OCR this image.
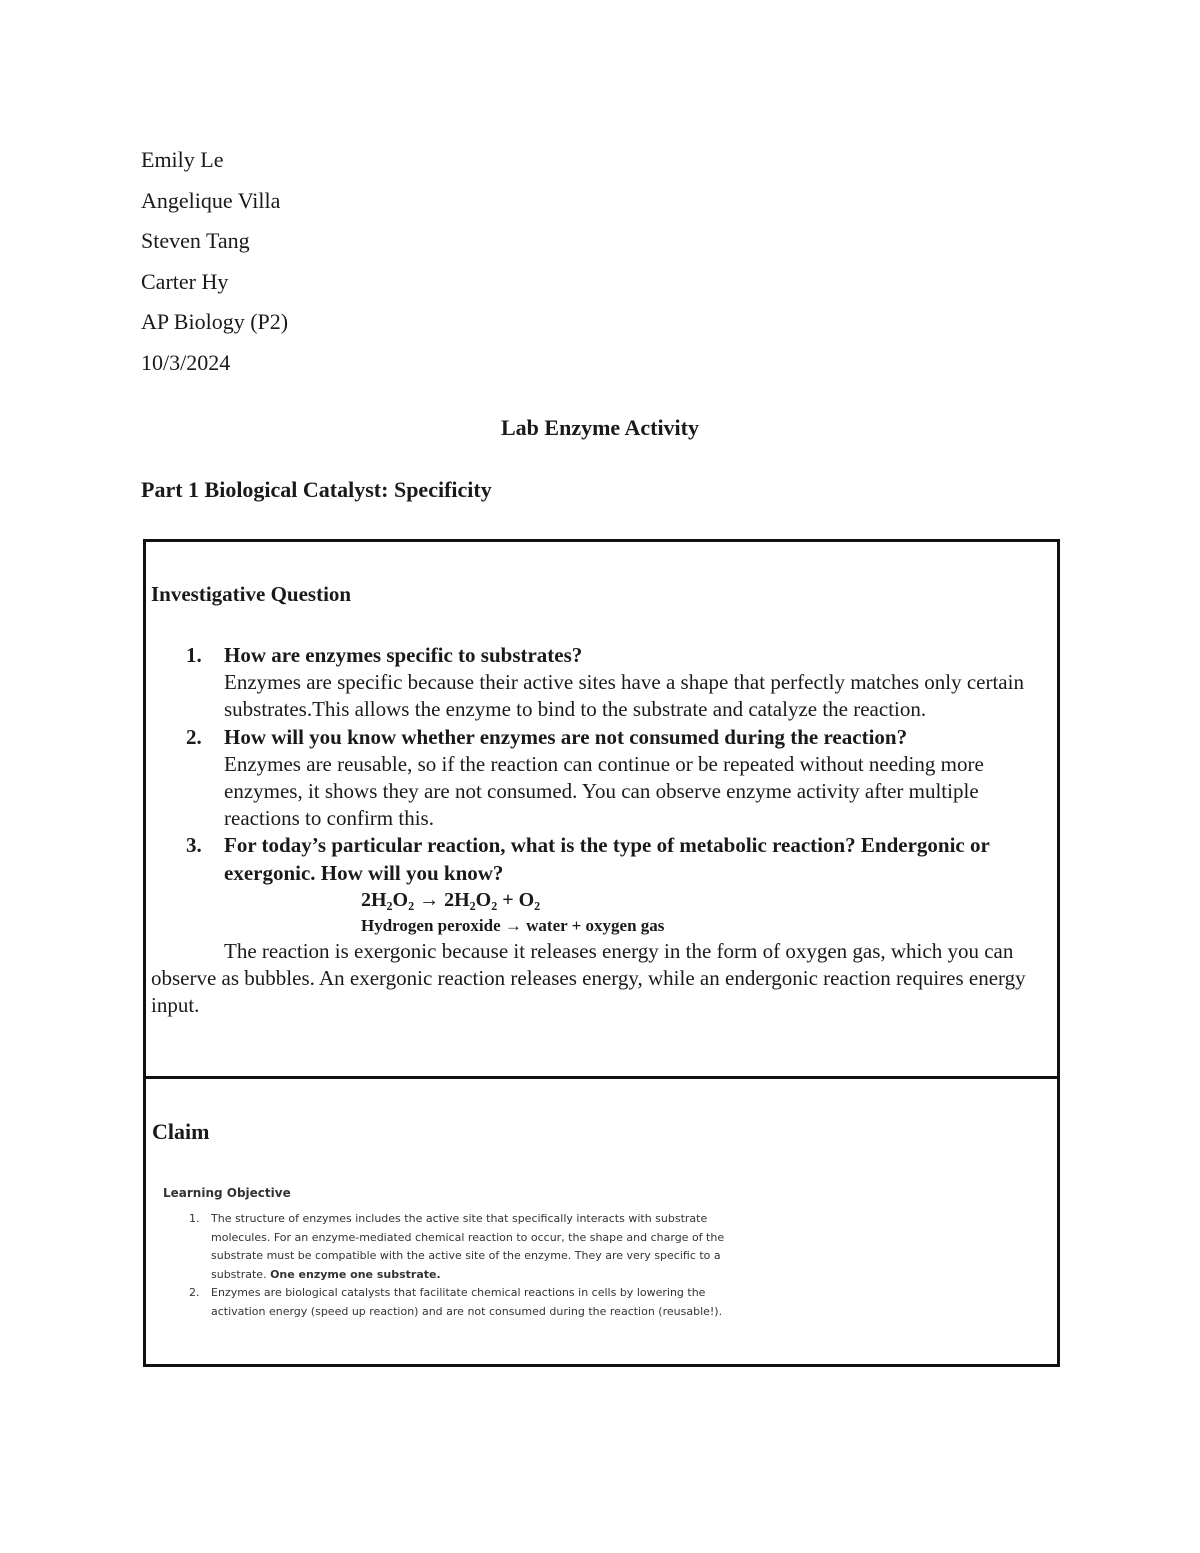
Emily Le
Angelique Villa
Steven Tang
Carter Hy
AP Biology (P2)
10/3/2024
Lab Enzyme Activity
Part 1 Biological Catalyst: Specificity
Investigative Question
1. How are enzymes specific to substrates?
Enzymes are specific because their active sites have a shape that perfectly matches only certain substrates.This allows the enzyme to bind to the substrate and catalyze the reaction.
2. How will you know whether enzymes are not consumed during the reaction?
Enzymes are reusable, so if the reaction can continue or be repeated without needing more enzymes, it shows they are not consumed. You can observe enzyme activity after multiple reactions to confirm this.
3. For today’s particular reaction, what is the type of metabolic reaction? Endergonic or exergonic. How will you know?
2H₂O₂ → 2H₂O₂ + O₂
Hydrogen peroxide → water + oxygen gas
The reaction is exergonic because it releases energy in the form of oxygen gas, which you can observe as bubbles. An exergonic reaction releases energy, while an endergonic reaction requires energy input.
Claim
Learning Objective
1. The structure of enzymes includes the active site that specifically interacts with substrate molecules. For an enzyme-mediated chemical reaction to occur, the shape and charge of the substrate must be compatible with the active site of the enzyme. They are very specific to a substrate. One enzyme one substrate.
2. Enzymes are biological catalysts that facilitate chemical reactions in cells by lowering the activation energy (speed up reaction) and are not consumed during the reaction (reusable!).
